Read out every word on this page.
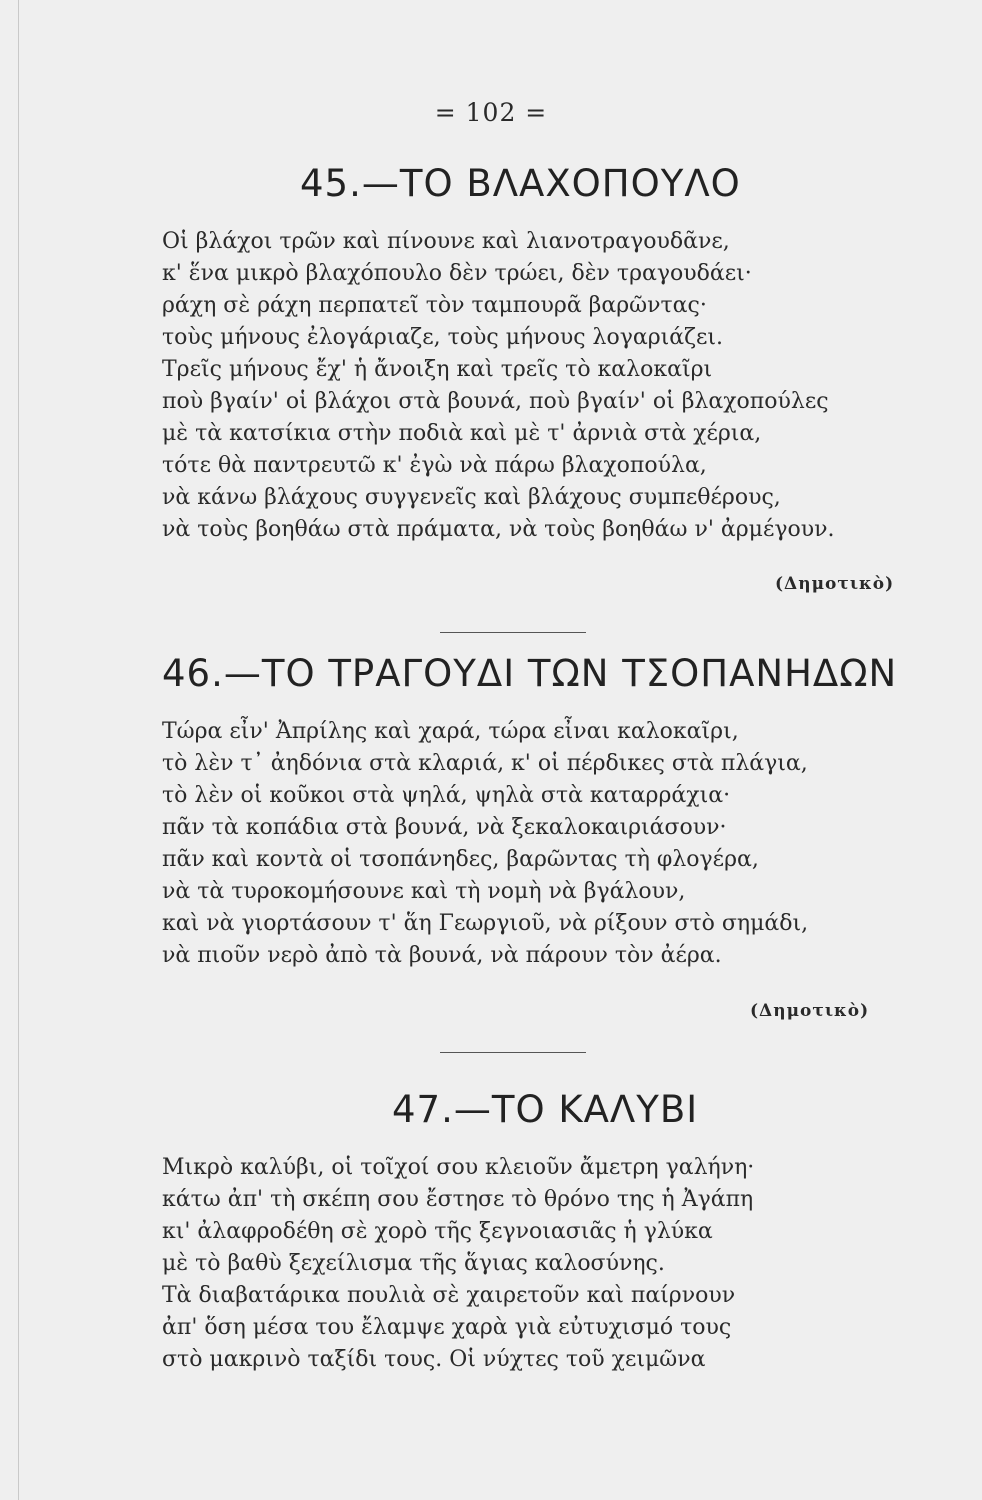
= 102 =
45.—ΤΟ ΒΛΑΧΟΠΟΥΛΟ
Οἱ βλάχοι τρῶν καὶ πίνουνε καὶ λιανοτραγουδᾶνε,
κ' ἕνα μικρὸ βλαχόπουλο δὲν τρώει, δὲν τραγουδάει·
ράχη σὲ ράχη περπατεῖ τὸν ταμπουρᾶ βαρῶντας·
τοὺς μήνους ἐλογάριαζε, τοὺς μήνους λογαριάζει.
Τρεῖς μήνους ἔχ' ἡ ἄνοιξη καὶ τρεῖς τὸ καλοκαῖρι
ποὺ βγαίν' οἱ βλάχοι στὰ βουνά, ποὺ βγαίν' οἱ βλαχοπούλες
μὲ τὰ κατσίκια στὴν ποδιὰ καὶ μὲ τ' ἀρνιὰ στὰ χέρια,
τότε θὰ παντρευτῶ κ' ἐγὼ νὰ πάρω βλαχοπούλα,
νὰ κάνω βλάχους συγγενεῖς καὶ βλάχους συμπεθέρους,
νὰ τοὺς βοηθάω στὰ πράματα, νὰ τοὺς βοηθάω ν' ἀρμέγουν.
(Δημοτικὸ)
46.—ΤΟ ΤΡΑΓΟΥΔΙ ΤΩΝ ΤΣΟΠΑΝΗΔΩΝ
Τώρα εἶν' Ἀπρίλης καὶ χαρά, τώρα εἶναι καλοκαῖρι,
τὸ λὲν τ᾽ ἀηδόνια στὰ κλαριά, κ' οἱ πέρδικες στὰ πλάγια,
τὸ λὲν οἱ κοῦκοι στὰ ψηλά, ψηλὰ στὰ καταρράχια·
πᾶν τὰ κοπάδια στὰ βουνά, νὰ ξεκαλοκαιριάσουν·
πᾶν καὶ κοντὰ οἱ τσοπάνηδες, βαρῶντας τὴ φλογέρα,
νὰ τὰ τυροκομήσουνε καὶ τὴ νομὴ νὰ βγάλουν,
καὶ νὰ γιορτάσουν τ' ἅη Γεωργιοῦ, νὰ ρίξουν στὸ σημάδι,
νὰ πιοῦν νερὸ ἀπὸ τὰ βουνά, νὰ πάρουν τὸν ἀέρα.
(Δημοτικὸ)
47.—ΤΟ ΚΑΛΥΒΙ
Μικρὸ καλύβι, οἱ τοῖχοί σου κλειοῦν ἄμετρη γαλήνη·
κάτω ἀπ' τὴ σκέπη σου ἔστησε τὸ θρόνο της ἡ Ἀγάπη
κι' ἀλαφροδέθη σὲ χορὸ τῆς ξεγνοιασιᾶς ἡ γλύκα
μὲ τὸ βαθὺ ξεχείλισμα τῆς ἅγιας καλοσύνης.
Τὰ διαβατάρικα πουλιὰ σὲ χαιρετοῦν καὶ παίρνουν
ἀπ' ὅση μέσα του ἔλαμψε χαρὰ γιὰ εὐτυχισμό τους
στὸ μακρινὸ ταξίδι τους. Οἱ νύχτες τοῦ χειμῶνα
